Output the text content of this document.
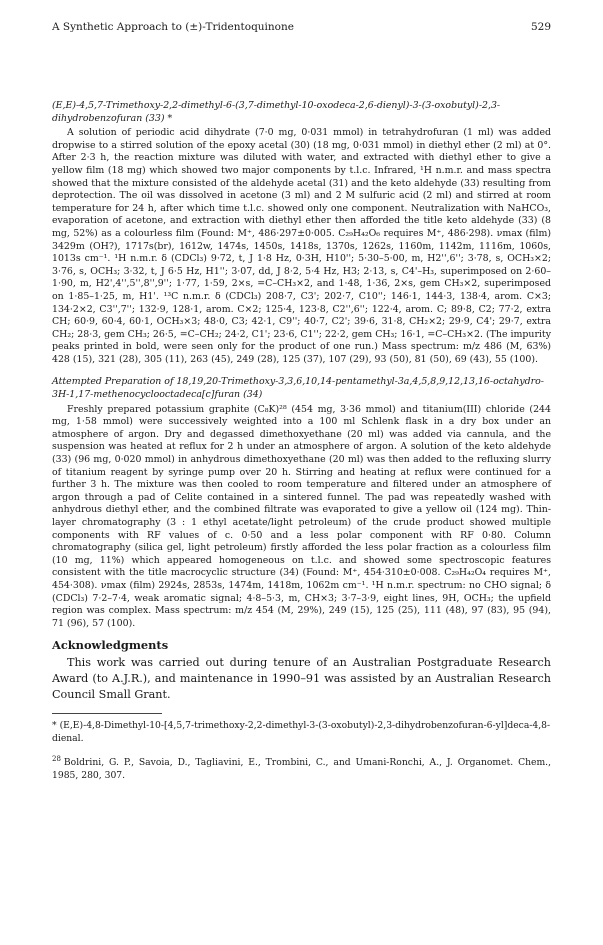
A Synthetic Approach to (±)-Tridentoquinone	529
(E,E)-4,5,7-Trimethoxy-2,2-dimethyl-6-(3,7-dimethyl-10-oxodeca-2,6-dienyl)-3-(3-oxobutyl)-2,3-dihydrobenzofuran (33) *

A solution of periodic acid dihydrate (7·0 mg, 0·031 mmol) in tetrahydrofuran (1 ml) was added dropwise to a stirred solution of the epoxy acetal (30) (18 mg, 0·031 mmol) in diethyl ether (2 ml) at 0°. After 2·3 h, the reaction mixture was diluted with water, and extracted with diethyl ether to give a yellow film (18 mg) which showed two major components by t.l.c. Infrared, ¹H n.m.r. and mass spectra showed that the mixture consisted of the aldehyde acetal (31) and the keto aldehyde (33) resulting from deprotection. The oil was dissolved in acetone (3 ml) and 2 M sulfuric acid (2 ml) and stirred at room temperature for 24 h, after which time t.l.c. showed only one component. Neutralization with NaHCO₃, evaporation of acetone, and extraction with diethyl ether then afforded the title keto aldehyde (33) (8 mg, 52%) as a colourless film (Found: M⁺, 486·297±0·005. C₂₉H₄₂O₆ requires M⁺, 486·298). νmax (film) 3429m (OH?), 1717s(br), 1612w, 1474s, 1450s, 1418s, 1370s, 1262s, 1160m, 1142m, 1116m, 1060s, 1013s cm⁻¹. ¹H n.m.r. δ (CDCl₃) 9·72, t, J 1·8 Hz, 0·3H, H10''; 5·30–5·00, m, H2'',6''; 3·78, s, OCH₃×2; 3·76, s, OCH₃; 3·32, t, J 6·5 Hz, H1''; 3·07, dd, J 8·2, 5·4 Hz, H3; 2·13, s, C4'–H₃, superimposed on 2·60–1·90, m, H2',4'',5'',8'',9''; 1·77, 1·59, 2×s, =C–CH₃×2, and 1·48, 1·36, 2×s, gem CH₃×2, superimposed on 1·85–1·25, m, H1'. ¹³C n.m.r. δ (CDCl₃) 208·7, C3'; 202·7, C10''; 146·1, 144·3, 138·4, arom. C×3; 134·2×2, C3'',7''; 132·9, 128·1, arom. C×2; 125·4, 123·8, C2'',6''; 122·4, arom. C; 89·8, C2; 77·2, extra CH; 60·9, 60·4, 60·1, OCH₃×3; 48·0, C3; 42·1, C9''; 40·7, C2'; 39·6, 31·8, CH₂×2; 29·9, C4'; 29·7, extra CH₂; 28·3, gem CH₃; 26·5, =C–CH₂; 24·2, C1'; 23·6, C1''; 22·2, gem CH₃; 16·1, =C–CH₃×2. (The impurity peaks printed in bold, were seen only for the product of one run.) Mass spectrum: m/z 486 (M, 63%) 428 (15), 321 (28), 305 (11), 263 (45), 249 (28), 125 (37), 107 (29), 93 (50), 81 (50), 69 (43), 55 (100).

Attempted Preparation of 18,19,20-Trimethoxy-3,3,6,10,14-pentamethyl-3a,4,5,8,9,12,13,16-octahydro-3H-1,17-methenocyclooctadeca[c]furan (34)

Freshly prepared potassium graphite (C₈K)²⁸ (454 mg, 3·36 mmol) and titanium(III) chloride (244 mg, 1·58 mmol) were successively weighted into a 100 ml Schlenk flask in a dry box under an atmosphere of argon. Dry and degassed dimethoxyethane (20 ml) was added via cannula, and the suspension was heated at reflux for 2 h under an atmosphere of argon. A solution of the keto aldehyde (33) (96 mg, 0·020 mmol) in anhydrous dimethoxyethane (20 ml) was then added to the refluxing slurry of titanium reagent by syringe pump over 20 h. Stirring and heating at reflux were continued for a further 3 h. The mixture was then cooled to room temperature and filtered under an atmosphere of argon through a pad of Celite contained in a sintered funnel. The pad was repeatedly washed with anhydrous diethyl ether, and the combined filtrate was evaporated to give a yellow oil (124 mg). Thin-layer chromatography (3 : 1 ethyl acetate/light petroleum) of the crude product showed multiple components with RF values of c. 0·50 and a less polar component with RF 0·80. Column chromatography (silica gel, light petroleum) firstly afforded the less polar fraction as a colourless film (10 mg, 11%) which appeared homogeneous on t.l.c. and showed some spectroscopic features consistent with the title macrocyclic structure (34) (Found: M⁺, 454·310±0·008. C₂₉H₄₂O₄ requires M⁺, 454·308). νmax (film) 2924s, 2853s, 1474m, 1418m, 1062m cm⁻¹. ¹H n.m.r. spectrum: no CHO signal; δ (CDCl₃) 7·2–7·4, weak aromatic signal; 4·8–5·3, m, CH×3; 3·7–3·9, eight lines, 9H, OCH₃; the upfield region was complex. Mass spectrum: m/z 454 (M, 29%), 249 (15), 125 (25), 111 (48), 97 (83), 95 (94), 71 (96), 57 (100).

Acknowledgments

This work was carried out during tenure of an Australian Postgraduate Research Award (to A.J.R.), and maintenance in 1990–91 was assisted by an Australian Research Council Small Grant.

* (E,E)-4,8-Dimethyl-10-[4,5,7-trimethoxy-2,2-dimethyl-3-(3-oxobutyl)-2,3-dihydrobenzofuran-6-yl]deca-4,8-dienal.

$^{28}$ Boldrini, G. P., Savoia, D., Tagliavini, E., Trombini, C., and Umani-Ronchi, A., J. Organomet. Chem., 1985, 280, 307.
